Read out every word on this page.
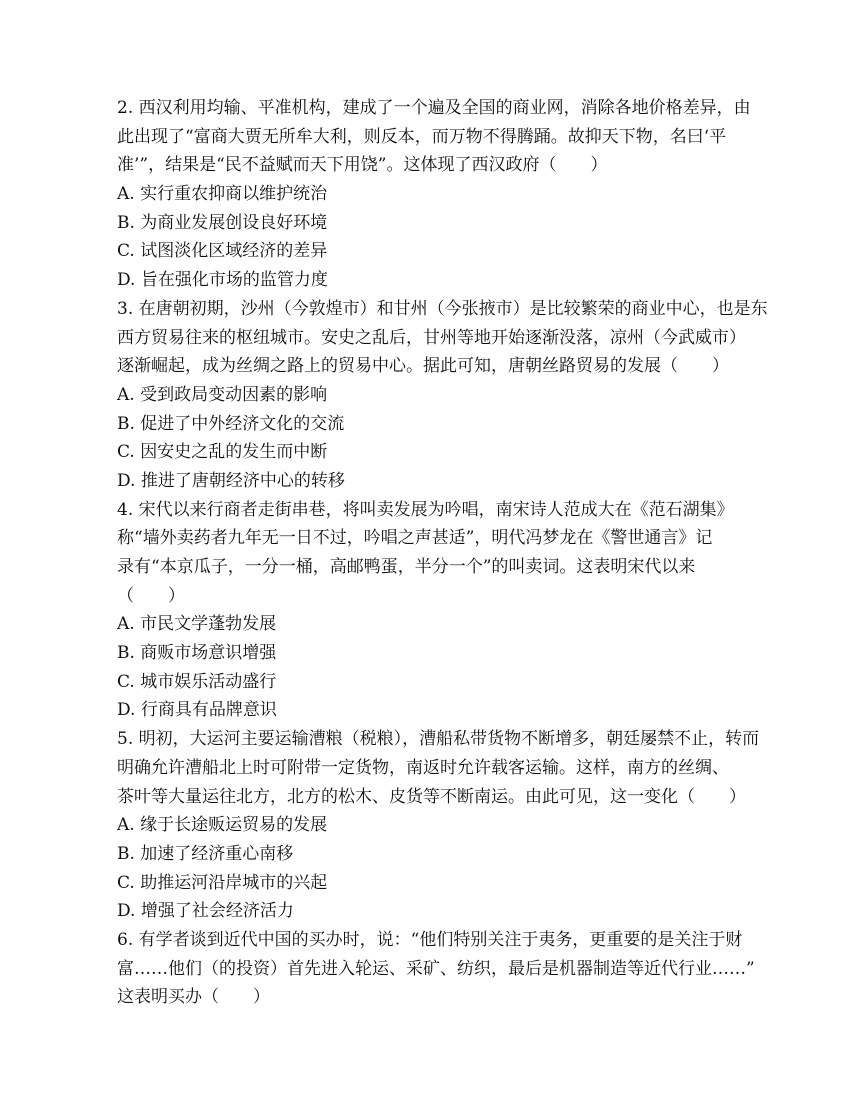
2. 西汉利用均输、平准机构，建成了一个遍及全国的商业网，消除各地价格差异，由
此出现了“富商大贾无所牟大利，则反本，而万物不得腾踊。故抑天下物，名曰‘平
准’”，结果是“民不益赋而天下用饶”。这体现了西汉政府（　　）
A. 实行重农抑商以维护统治
B. 为商业发展创设良好环境
C. 试图淡化区域经济的差异
D. 旨在强化市场的监管力度
3. 在唐朝初期，沙州（今敦煌市）和甘州（今张掖市）是比较繁荣的商业中心，也是东
西方贸易往来的枢纽城市。安史之乱后，甘州等地开始逐渐没落，凉州（今武威市）
逐渐崛起，成为丝绸之路上的贸易中心。据此可知，唐朝丝路贸易的发展（　　）
A. 受到政局变动因素的影响
B. 促进了中外经济文化的交流
C. 因安史之乱的发生而中断
D. 推进了唐朝经济中心的转移
4. 宋代以来行商者走街串巷，将叫卖发展为吟唱，南宋诗人范成大在《范石湖集》
称“墙外卖药者九年无一日不过，吟唱之声甚适”，明代冯梦龙在《警世通言》记
录有“本京瓜子，一分一桶，高邮鸭蛋，半分一个”的叫卖词。这表明宋代以来
（　　）
A. 市民文学蓬勃发展
B. 商贩市场意识增强
C. 城市娱乐活动盛行
D. 行商具有品牌意识
5. 明初，大运河主要运输漕粮（税粮），漕船私带货物不断增多，朝廷屡禁不止，转而
明确允许漕船北上时可附带一定货物，南返时允许载客运输。这样，南方的丝绸、
茶叶等大量运往北方，北方的松木、皮货等不断南运。由此可见，这一变化（　　）
A. 缘于长途贩运贸易的发展
B. 加速了经济重心南移
C. 助推运河沿岸城市的兴起
D. 增强了社会经济活力
6. 有学者谈到近代中国的买办时，说：“他们特别关注于夷务，更重要的是关注于财
富……他们（的投资）首先进入轮运、采矿、纺织，最后是机器制造等近代行业……”
这表明买办（　　）
